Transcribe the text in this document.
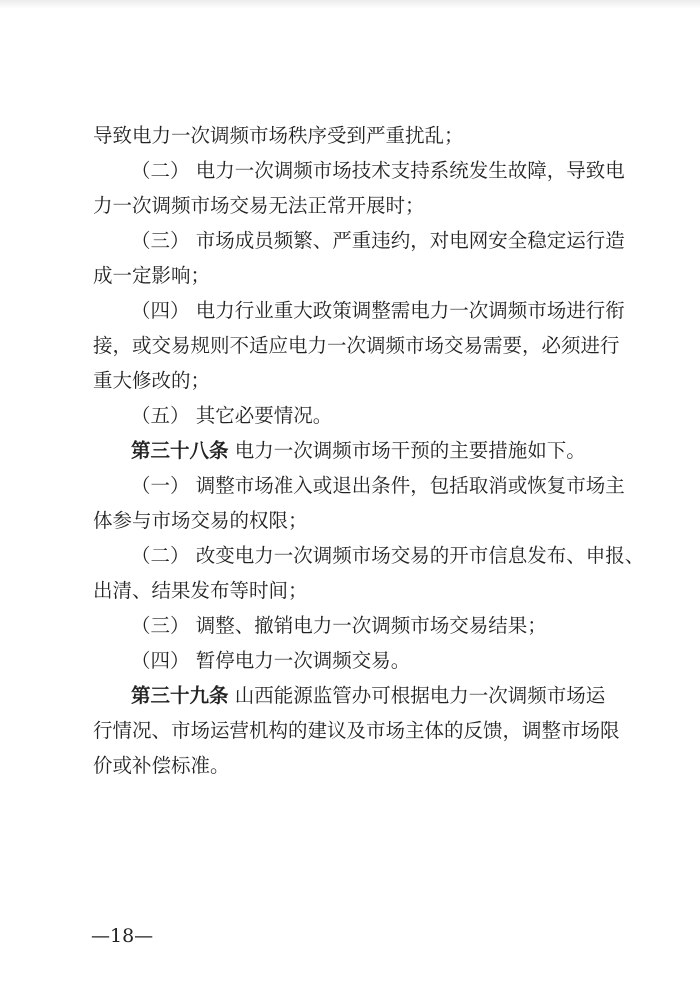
导致电力一次调频市场秩序受到严重扰乱；
（二） 电力一次调频市场技术支持系统发生故障，导致电
力一次调频市场交易无法正常开展时；
（三） 市场成员频繁、严重违约，对电网安全稳定运行造
成一定影响；
（四） 电力行业重大政策调整需电力一次调频市场进行衔
接，或交易规则不适应电力一次调频市场交易需要，必须进行
重大修改的；
（五） 其它必要情况。
第三十八条 电力一次调频市场干预的主要措施如下。
（一） 调整市场准入或退出条件，包括取消或恢复市场主
体参与市场交易的权限；
（二） 改变电力一次调频市场交易的开市信息发布、申报、
出清、结果发布等时间；
（三） 调整、撤销电力一次调频市场交易结果；
（四） 暂停电力一次调频交易。
第三十九条 山西能源监管办可根据电力一次调频市场运
行情况、市场运营机构的建议及市场主体的反馈，调整市场限
价或补偿标准。
—18—
